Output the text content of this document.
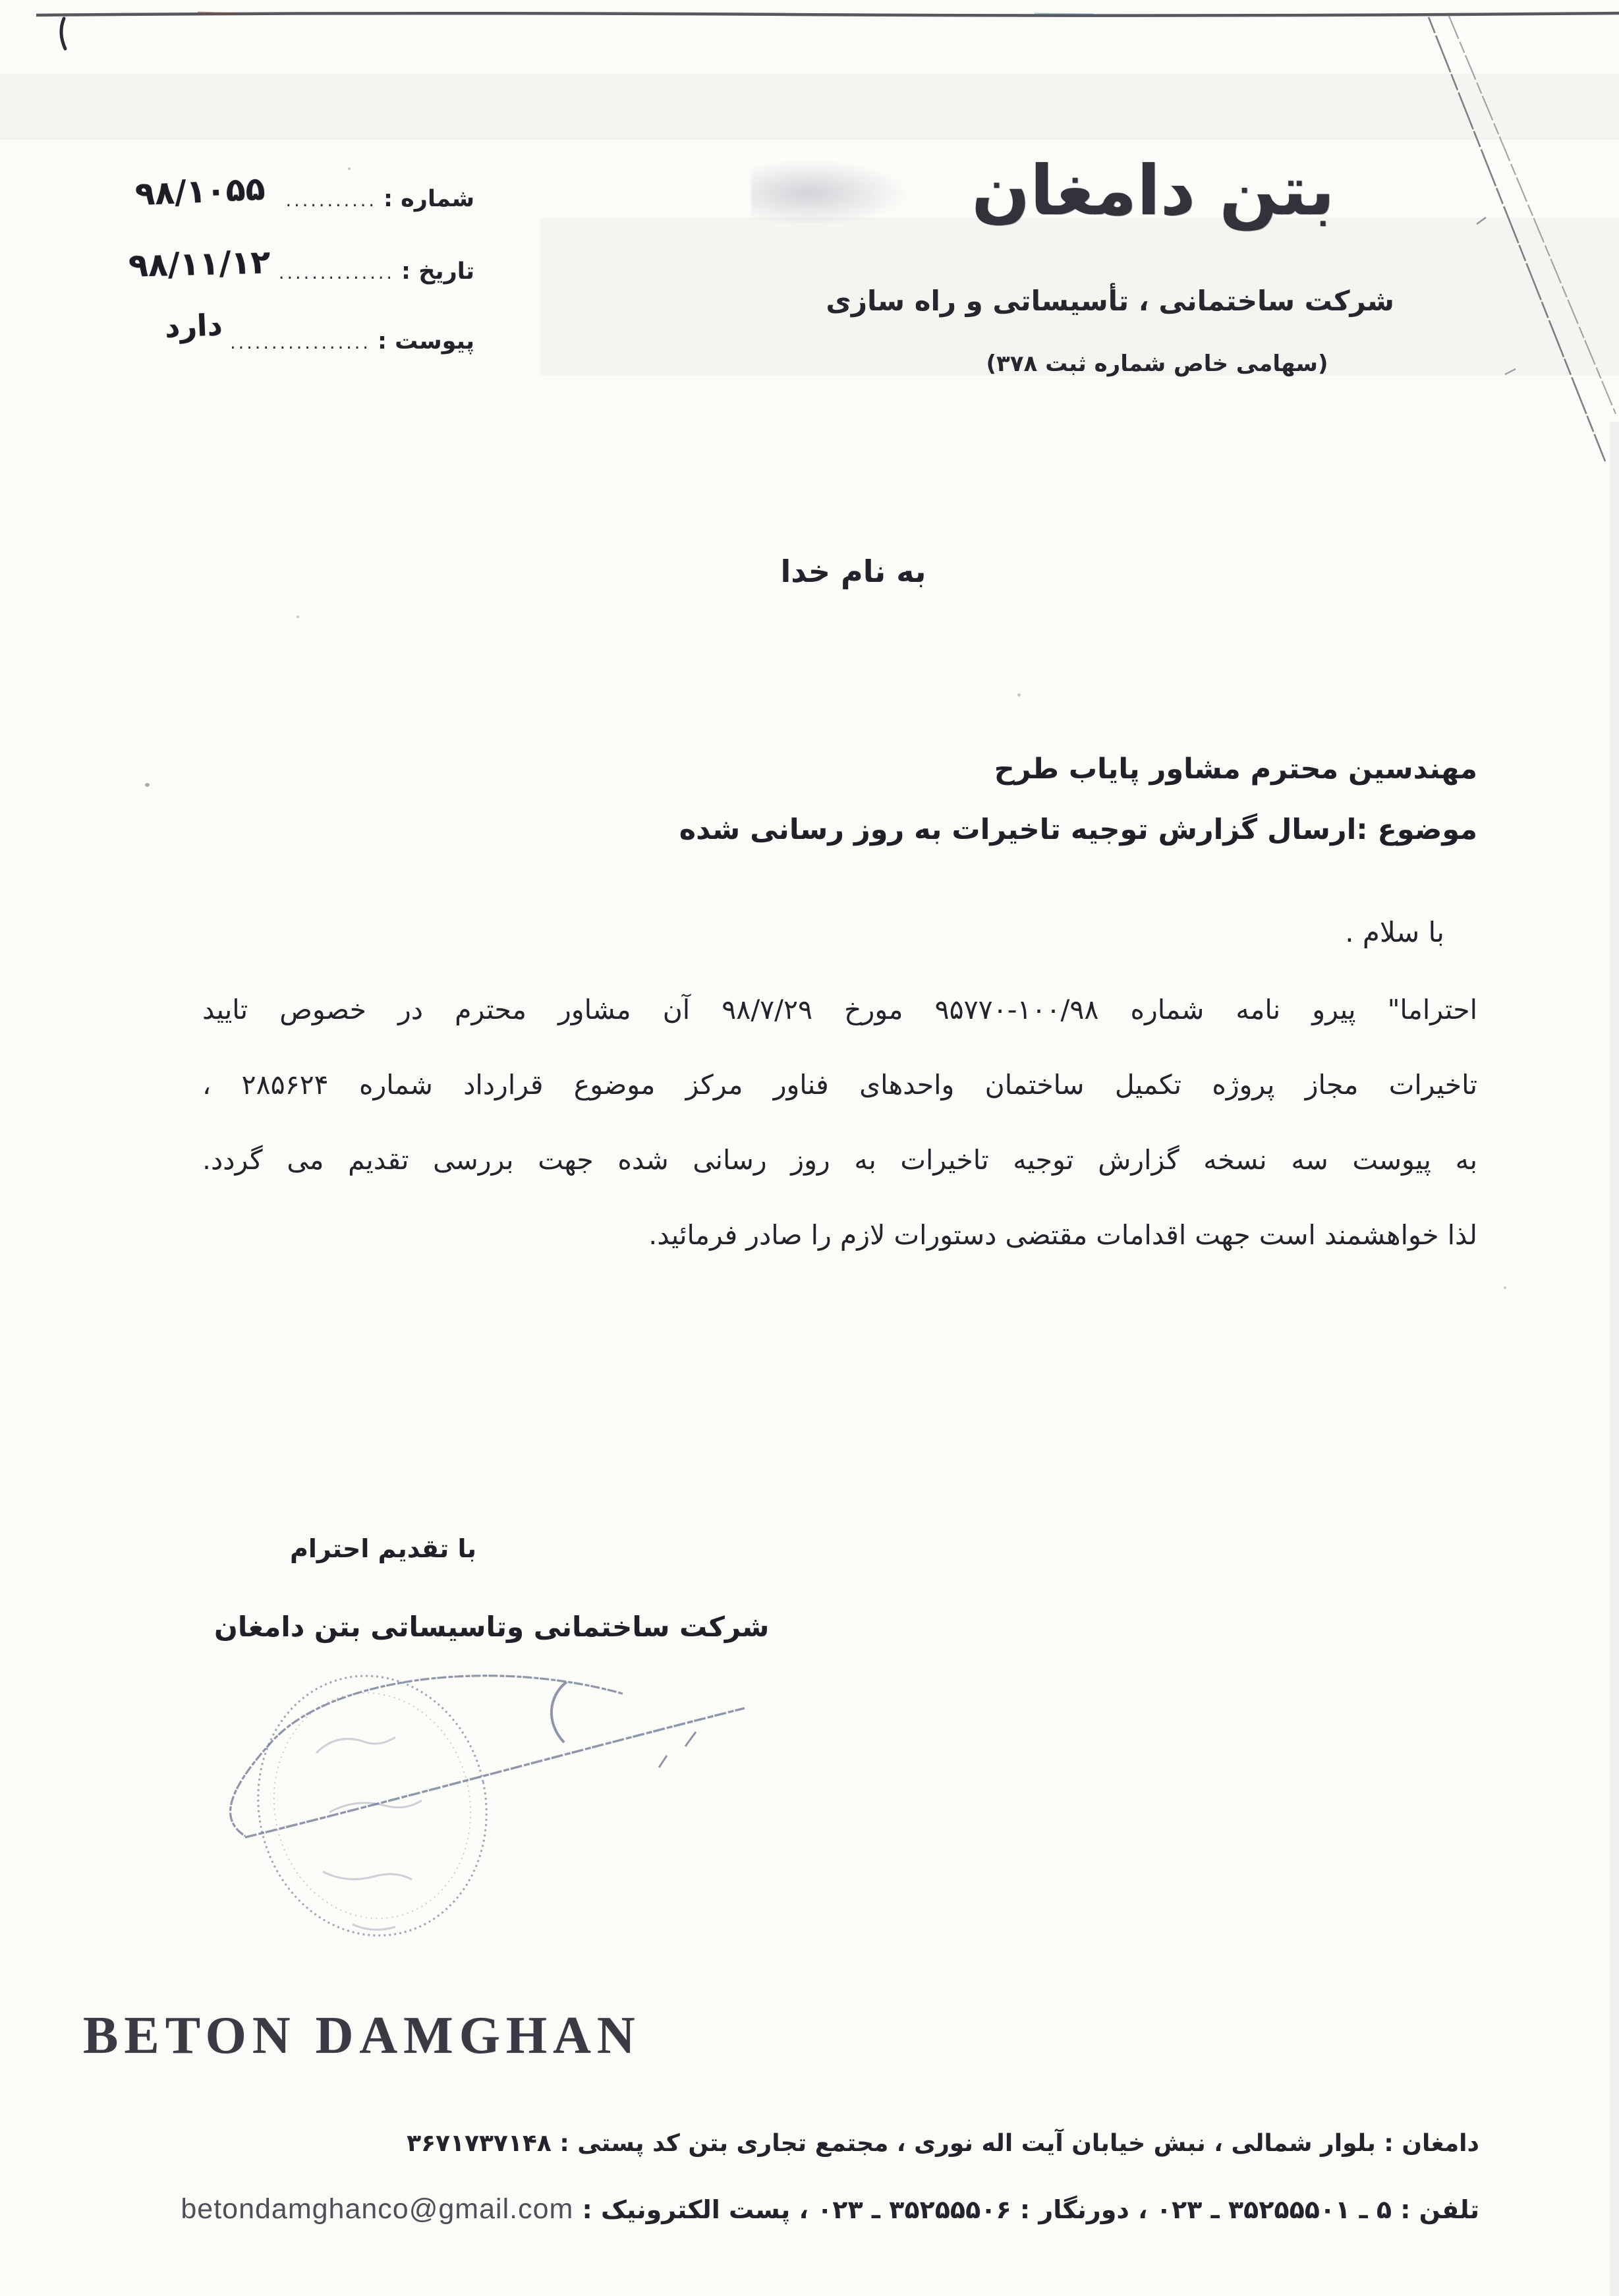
شماره :
...........
۹۸/۱۰۵۵
تاریخ :
..............
۹۸/۱۱/۱۲
پیوست :
.................
دارد
بتن دامغان
شرکت ساختمانی ، تأسیساتی و راه سازی
(سهامی خاص شماره ثبت ۳۷۸)
به نام خدا
مهندسین محترم مشاور پایاب طرح
موضوع :ارسال گزارش توجیه تاخیرات به روز رسانی شده
با سلام .
احتراما" پیرو نامه شماره ۱۰۰/۹۸-۹۵۷۷۰ مورخ ۹۸/۷/۲۹ آن مشاور محترم در خصوص تایید
تاخیرات مجاز پروژه تکمیل ساختمان واحدهای فناور مرکز موضوع قرارداد شماره ۲۸۵۶۲۴ ،
به پیوست سه نسخه گزارش توجیه تاخیرات به روز رسانی شده جهت بررسی تقدیم می گردد.
لذا خواهشمند است جهت اقدامات مقتضی دستورات لازم را صادر فرمائید.
با تقدیم احترام
شرکت ساختمانی وتاسیساتی بتن دامغان
BETON DAMGHAN
دامغان : بلوار شمالی ، نبش خیابان آیت اله نوری ، مجتمع تجاری بتن کد پستی : ۳۶۷۱۷۳۷۱۴۸
تلفن : ۵ ـ ۳۵۲۵۵۵۰۱ ـ ۰۲۳ ، دورنگار : ۳۵۲۵۵۵۰۶ ـ ۰۲۳ ، پست الکترونیک : betondamghanco@gmail.com
